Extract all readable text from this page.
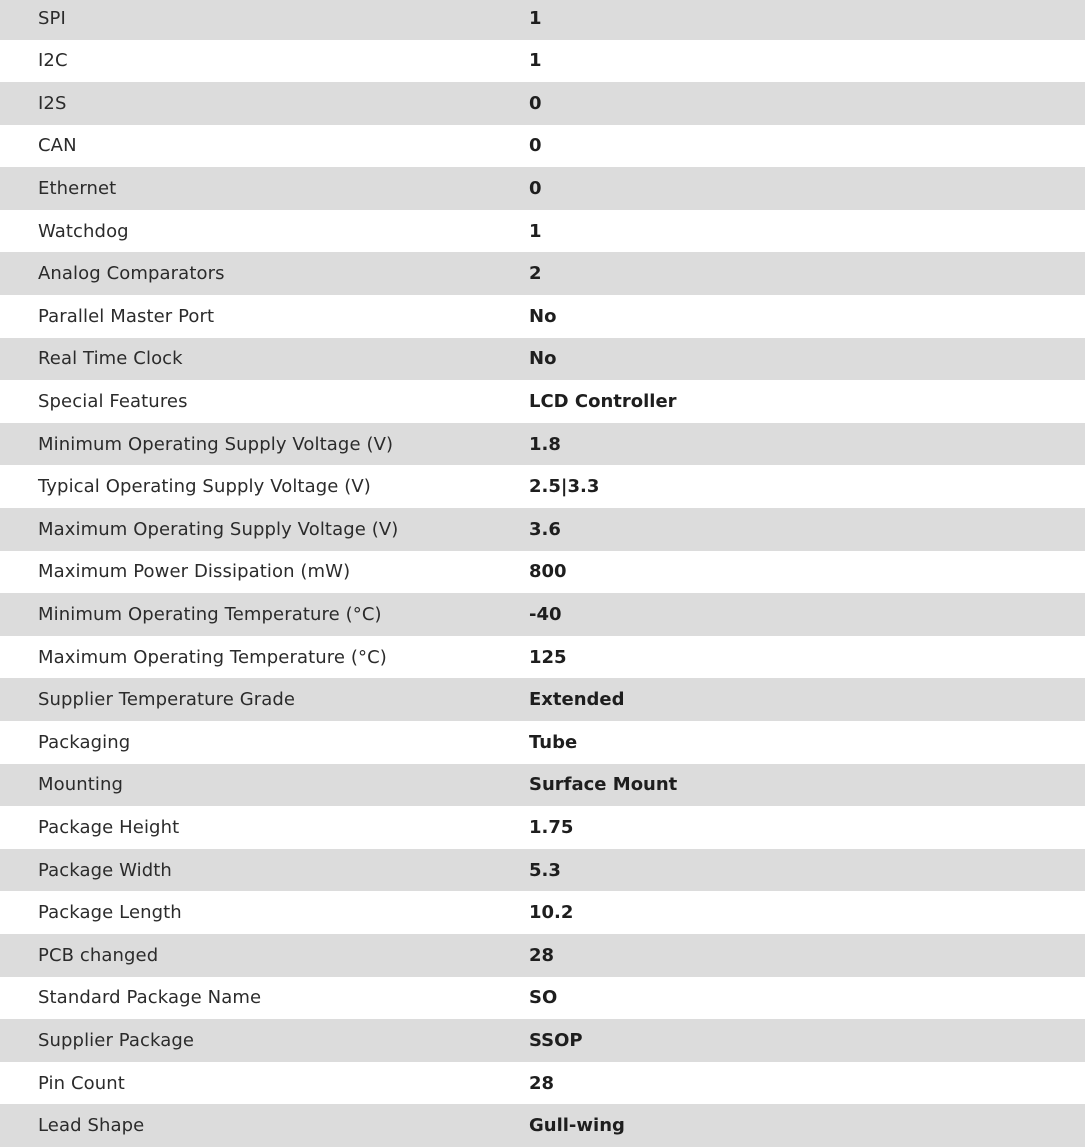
SPI	1
I2C	1
I2S	0
CAN	0
Ethernet	0
Watchdog	1
Analog Comparators	2
Parallel Master Port	No
Real Time Clock	No
Special Features	LCD Controller
Minimum Operating Supply Voltage (V)	1.8
Typical Operating Supply Voltage (V)	2.5|3.3
Maximum Operating Supply Voltage (V)	3.6
Maximum Power Dissipation (mW)	800
Minimum Operating Temperature (°C)	-40
Maximum Operating Temperature (°C)	125
Supplier Temperature Grade	Extended
Packaging	Tube
Mounting	Surface Mount
Package Height	1.75
Package Width	5.3
Package Length	10.2
PCB changed	28
Standard Package Name	SO
Supplier Package	SSOP
Pin Count	28
Lead Shape	Gull-wing
